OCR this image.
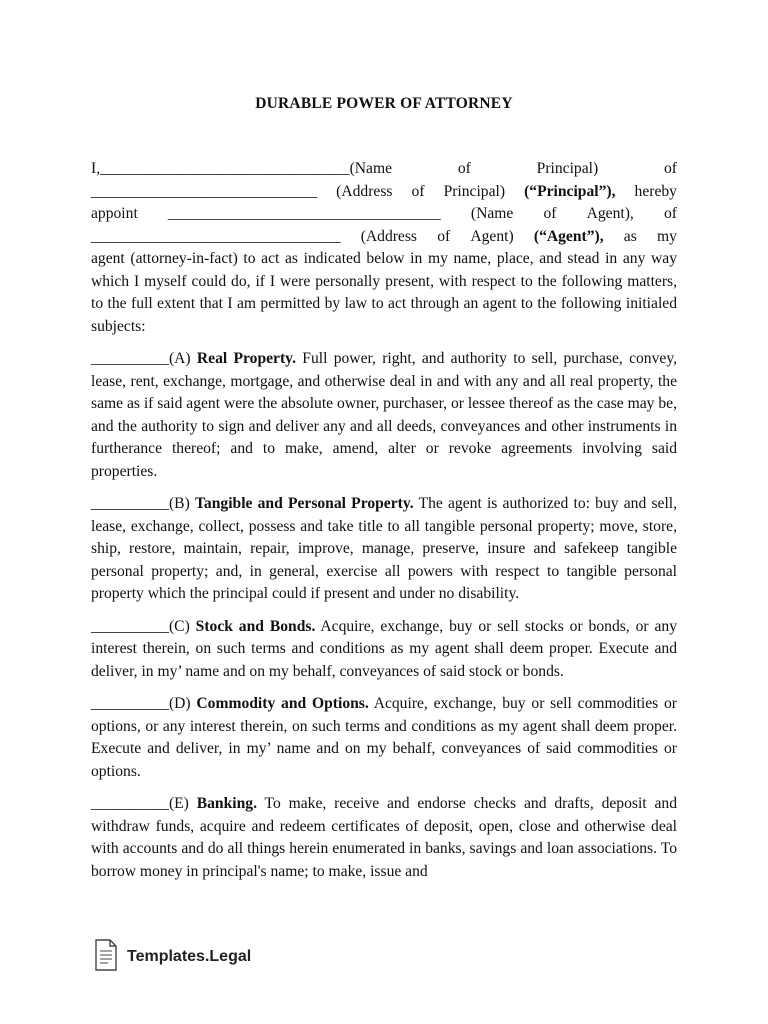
DURABLE POWER OF ATTORNEY
I,________________________________(Name	of	Principal)	of
_____________________________ (Address of Principal) (“Principal”), hereby
appoint ___________________________________ (Name of Agent), of
________________________________ (Address of Agent) (“Agent”), as my

agent (attorney-in-fact) to act as indicated below in my name, place, and stead in any way which I myself could do, if I were personally present, with respect to the following matters, to the full extent that I am permitted by law to act through an agent to the following initialed subjects:

__________(A) Real Property. Full power, right, and authority to sell, purchase, convey, lease, rent, exchange, mortgage, and otherwise deal in and with any and all real property, the same as if said agent were the absolute owner, purchaser, or lessee thereof as the case may be, and the authority to sign and deliver any and all deeds, conveyances and other instruments in furtherance thereof; and to make, amend, alter or revoke agreements involving said properties.

__________(B) Tangible and Personal Property. The agent is authorized to: buy and sell, lease, exchange, collect, possess and take title to all tangible personal property; move, store, ship, restore, maintain, repair, improve, manage, preserve, insure and safekeep tangible personal property; and, in general, exercise all powers with respect to tangible personal property which the principal could if present and under no disability.

__________(C) Stock and Bonds. Acquire, exchange, buy or sell stocks or bonds, or any interest therein, on such terms and conditions as my agent shall deem proper. Execute and deliver, in my’ name and on my behalf, conveyances of said stock or bonds.

__________(D) Commodity and Options. Acquire, exchange, buy or sell commodities or options, or any interest therein, on such terms and conditions as my agent shall deem proper. Execute and deliver, in my’ name and on my behalf, conveyances of said commodities or options.

__________(E) Banking. To make, receive and endorse checks and drafts, deposit and withdraw funds, acquire and redeem certificates of deposit, open, close and otherwise deal with accounts and do all things herein enumerated in banks, savings and loan associations. To borrow money in principal's name; to make, issue and

Templates.Legal
